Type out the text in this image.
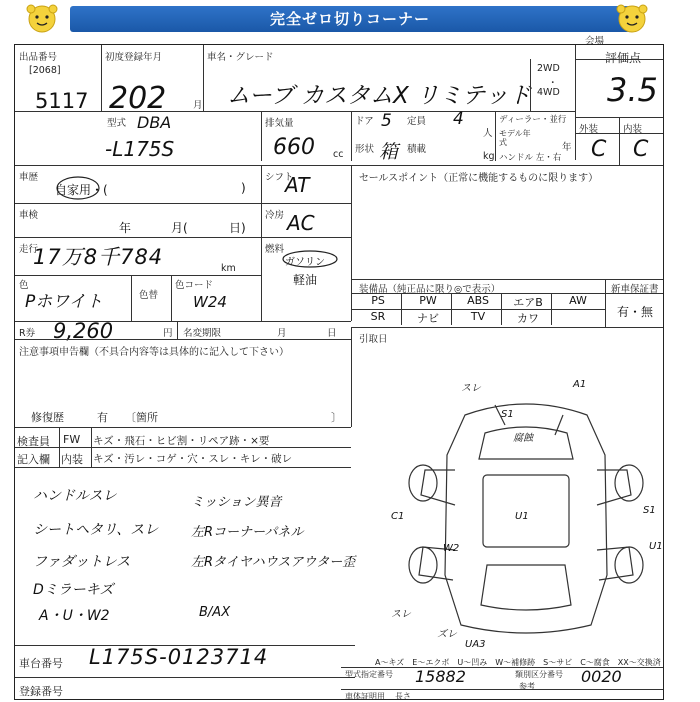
完全ゼロ切りコーナー
出品番号
[2068]
5117
初度登録年月
202	月
車名・グレード
ムーブ カスタムX リミテッド
2WD
・
4WD
評価点
会場
3.5
型式 DBA
-L175S
排気量
660 cc
ドア 5 定員 4
人
形状 箱 積載
kg
ディーラー・並行
モデル年式	年
ハンドル 左・右
外装	内装
C C
車歴
自家用・(	)
シフト
AT	セールスポイント（正常に機能するものに限ります）
車検
年	月(	日)
冷房 AC
走行
17万8千784	km
燃料
ガソリン
軽油
色
Pホワイト	色替
色コード
W24
装備品（純正品に限り◎で表示）	新車保証書
有・無
PS	PW	ABS	エアB	AW
SR	ナビ	TV	カワ
R券 9,260	円 名変期限	月	日
引取日
注意事項申告欄（不具合内容等は具体的に記入して下さい）
修復歴	有 〔箇所	〕
検査員 FW キズ・飛石・ヒビ割・リペア跡・×要
記入欄 内装 キズ・汚レ・コゲ・穴・スレ・キレ・破レ
ハンドルスレ
シートヘタリ、スレ
ファダットレス
Dミラーキズ
A・U・W2
ミッション異音
左Rコーナーパネル
左Rタイヤハウスアウター歪
B/AX
A1
スレ
S1
腐蝕
C1	U1
S1
U1
W2
スレ
ズレ
UA3
A～キズ　E～エクボ　U～凹み　W～補修跡　S～サビ　C～腐食　XX～交換済
車台番号 L175S-0123714
登録番号
型式指定番号 15882	類別区分番号
参考
0020
車体証明用 長さ
